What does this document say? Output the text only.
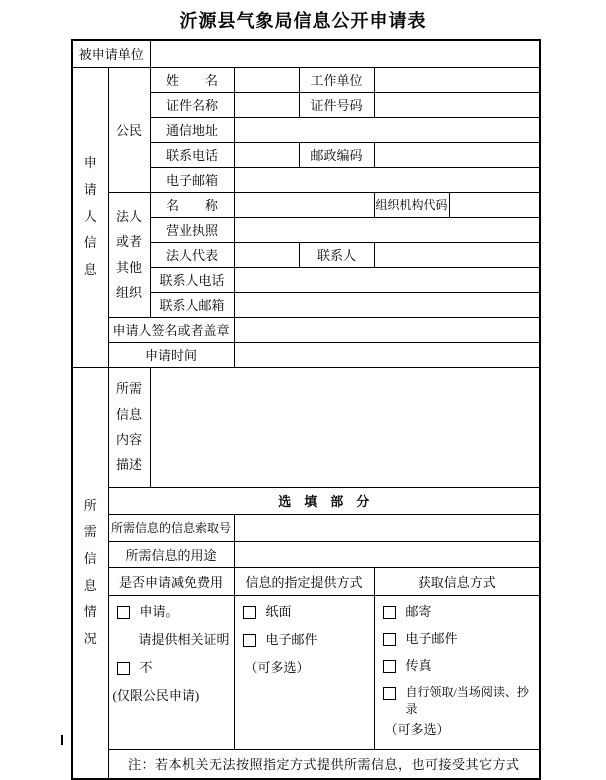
沂源县气象局信息公开申请表
被申请单位						

申请人信息	公民	姓　　名		工作单位		
		证件名称		证件号码		
		通信地址				
		联系电话		邮政编码		
		电子邮箱				

	法人或者其他组织	名　　称			组织机构代码	
		营业执照				
		法人代表		联系人		
		联系人电话				
		联系人邮箱				
	申请人签名或者盖章					
	申请时间					

所需信息情况	所需信息内容描述					

	选　填　部　分					
	所需信息的信息索取号					
	所需信息的用途					
	是否申请减免费用		信息的指定提供方式		获取信息方式	

申请。
请提供相关证明
不
(仅限公民申请)

纸面
电子邮件
（可多选）

邮寄
电子邮件
传真
自行领取/当场阅读、抄录
（可多选）

	注：若本机关无法按照指定方式提供所需信息，也可接受其它方式					
